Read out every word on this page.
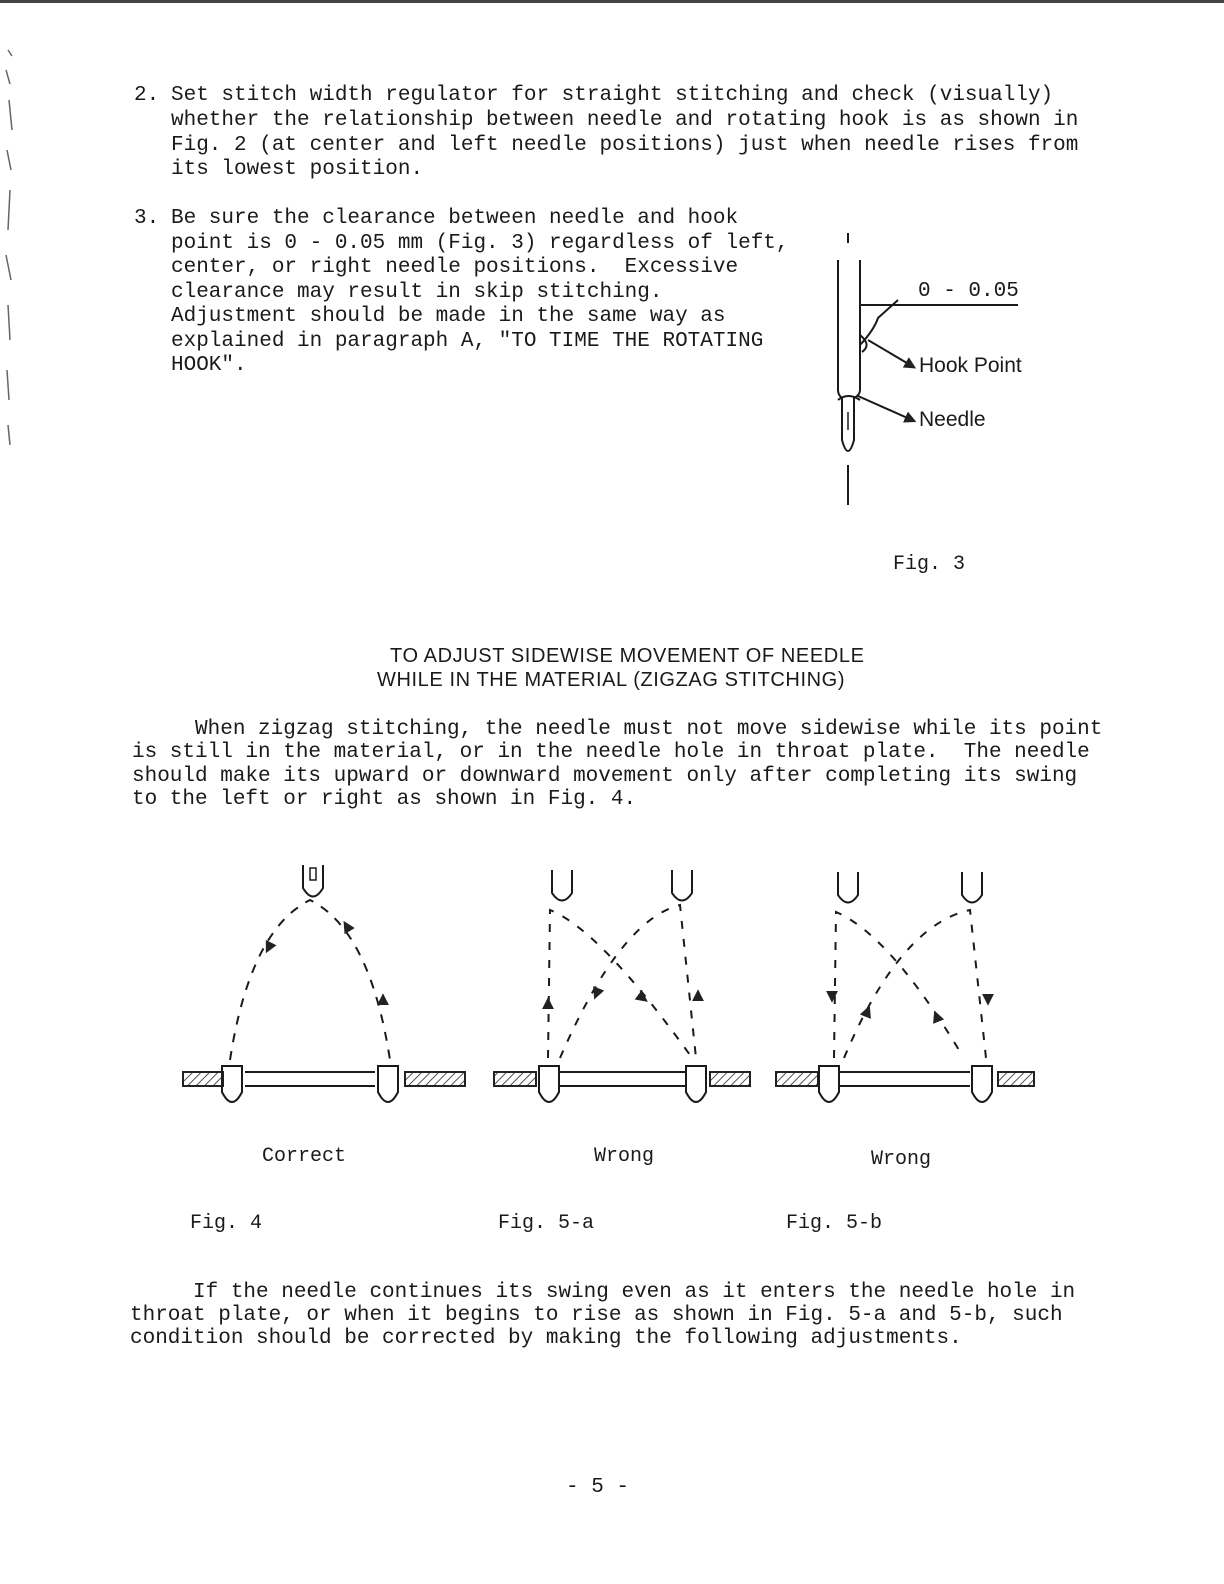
2. Set stitch width regulator for straight stitching and check (visually)
whether the relationship between needle and rotating hook is as shown in
Fig. 2 (at center and left needle positions) just when needle rises from
its lowest position.
3. Be sure the clearance between needle and hook
point is 0 - 0.05 mm (Fig. 3) regardless of left,
center, or right needle positions.  Excessive
clearance may result in skip stitching.
Adjustment should be made in the same way as
explained in paragraph A, "TO TIME THE ROTATING
HOOK".
0 - 0.05
Hook Point
Needle
Fig. 3
TO ADJUST SIDEWISE MOVEMENT OF NEEDLE
WHILE IN THE MATERIAL (ZIGZAG STITCHING)
When zigzag stitching, the needle must not move sidewise while its point
is still in the material, or in the needle hole in throat plate.  The needle
should make its upward or downward movement only after completing its swing
to the left or right as shown in Fig. 4.
Correct	Wrong	Wrong
Fig. 4	Fig. 5-a	Fig. 5-b
If the needle continues its swing even as it enters the needle hole in
throat plate, or when it begins to rise as shown in Fig. 5-a and 5-b, such
condition should be corrected by making the following adjustments.
- 5 -
